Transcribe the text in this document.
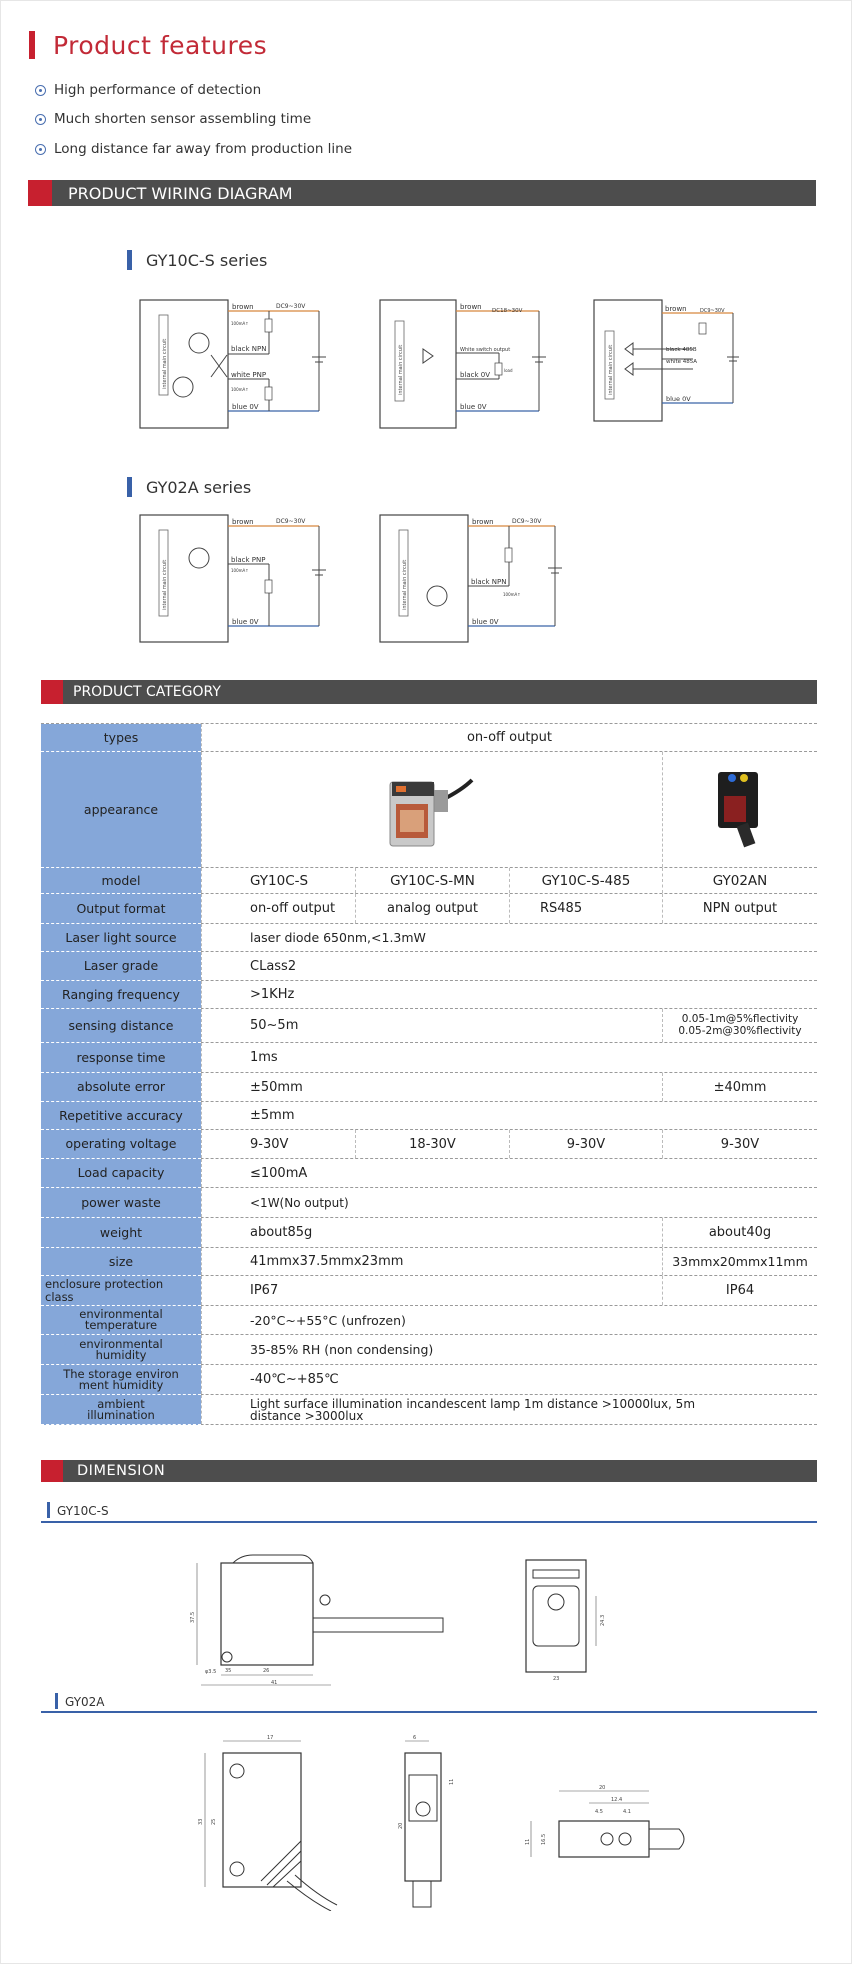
Product features
High performance of detection
Much shorten sensor assembling time
Long distance far away from production line
PRODUCT WIRING DIAGRAM
GY10C-S series
internal main circuit
brown	DC9~30V
100mA↑
black NPN
white PNP
100mA↑
blue 0V
internal main circuit
brown DC18~30V
White switch output
load
black 0V
blue 0V
internal main circuit
brown	DC9~30V
black 485B
white 485A
blue 0V
GY02A series
internal main circuit
brown	DC9~30V
black PNP
100mA↑
blue 0V
internal main circuit
brown	DC9~30V
black NPN
100mA↑
blue 0V
PRODUCT CATEGORY
types	on-off output
appearance
model	GY10C-S	GY10C-S-MN	GY10C-S-485	GY02AN
Output format	on-off output	analog output	RS485	NPN output
Laser light source	laser diode 650nm,<1.3mW
Laser grade	CLass2
Ranging frequency	>1KHz
sensing distance	50~5m	0.05-1m@5%flectivity
0.05-2m@30%flectivity
response time	1ms
absolute error	±50mm	±40mm
Repetitive accuracy	±5mm
operating voltage	9-30V	18-30V	9-30V	9-30V
Load capacity	≤100mA
power waste	<1W(No output)
weight	about85g	about40g
size	41mmx37.5mmx23mm	33mmx20mmx11mm
enclosure protection
class	IP67	IP64
environmental
temperature	-20°C~+55°C (unfrozen)
environmental
humidity	35-85% RH (non condensing)
The storage environ
ment humidity	-40℃~+85℃
ambient
illumination
Light surface illumination incandescent lamp 1m distance >10000lux, 5m
distance >3000lux
DIMENSION
GY10C-S
37.5
26
41
φ3.5 35
24.3
23
GY02A
17
33 25
6
20
11
20
12.4
4.5	4.1
16.5
11
